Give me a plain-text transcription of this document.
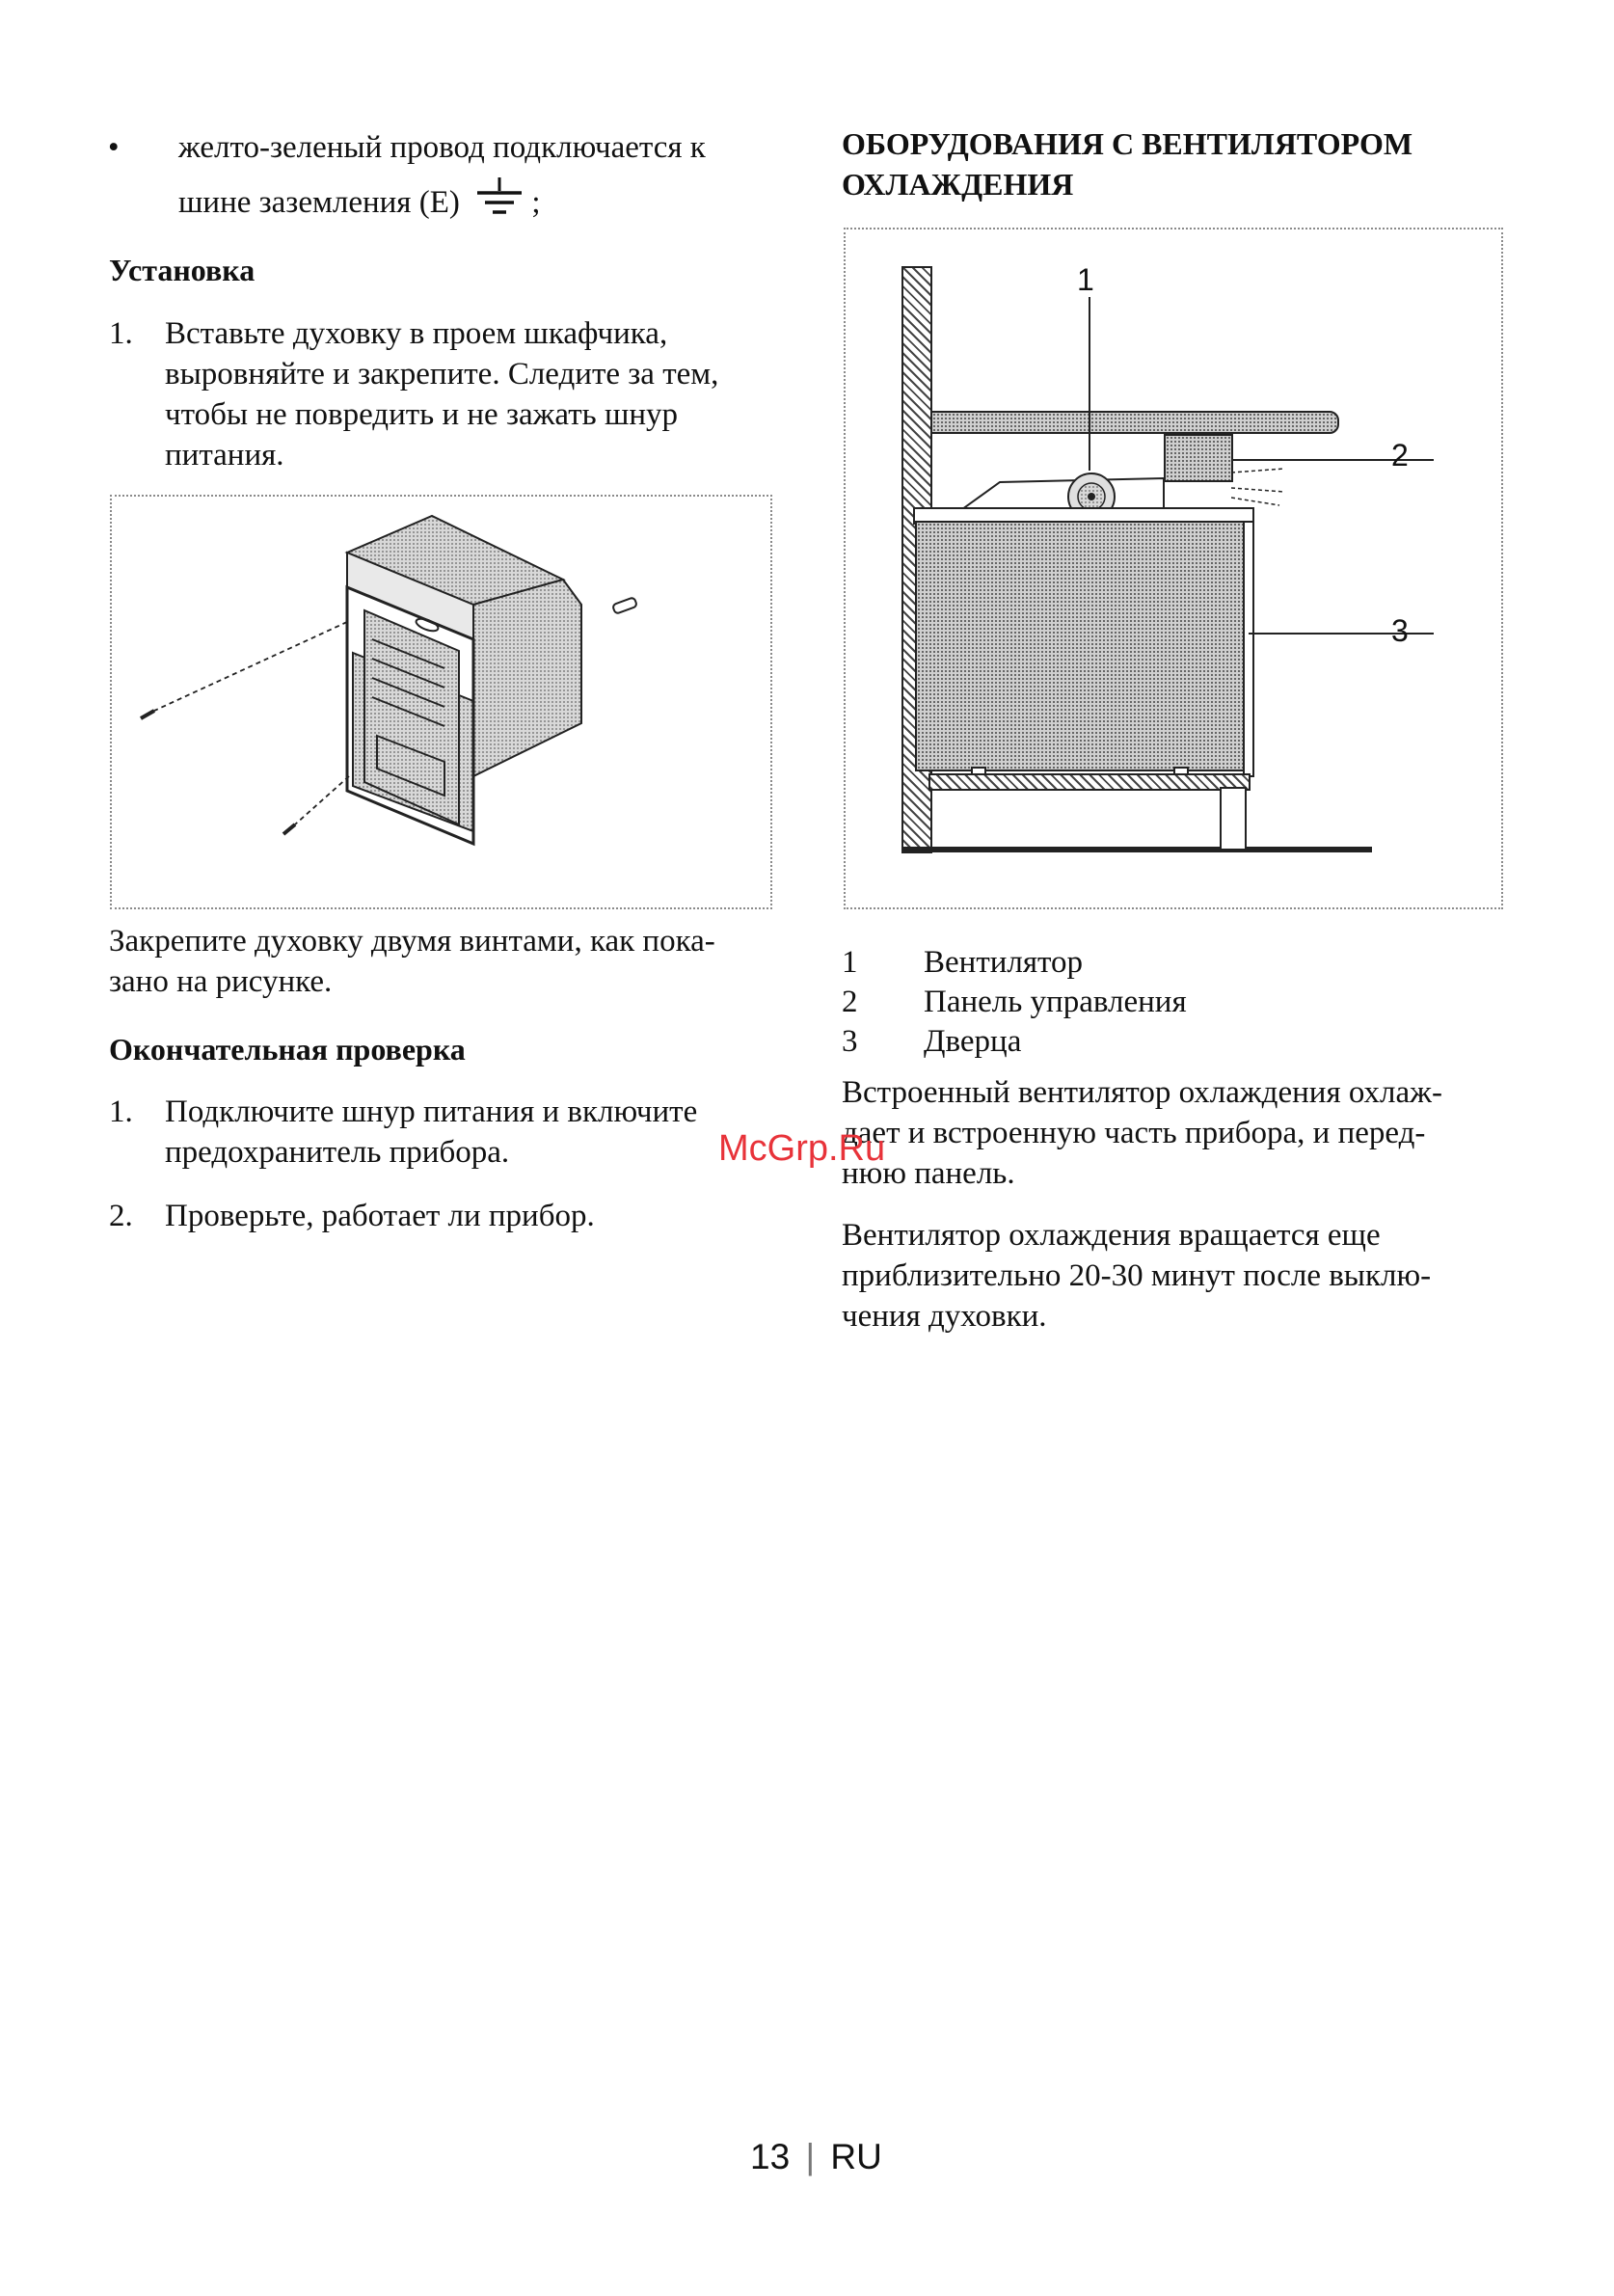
• желто-зеленый провод подключается к
шине заземления (E) ;
Установка
1. Вставьте духовку в проем шкафчика,
выровняйте и закрепите. Следите за тем,
чтобы не повредить и не зажать шнур
питания.
Закрепите духовку двумя винтами, как пока-
зано на рисунке.
Окончательная проверка
1. Подключите шнур питания и включите
предохранитель прибора.
2. Проверьте, работает ли прибор.
ОБОРУДОВАНИЯ С ВЕНТИЛЯТОРОМ
ОХЛАЖДЕНИЯ
1
2
3
1 Вентилятор
2 Панель управления
3 Дверца
Встроенный вентилятор охлаждения охлаж-
дает и встроенную часть прибора, и перед-
нюю панель.
Вентилятор охлаждения вращается еще
приблизительно 20-30 минут после выклю-
чения духовки.
McGrp.Ru
13 | RU
